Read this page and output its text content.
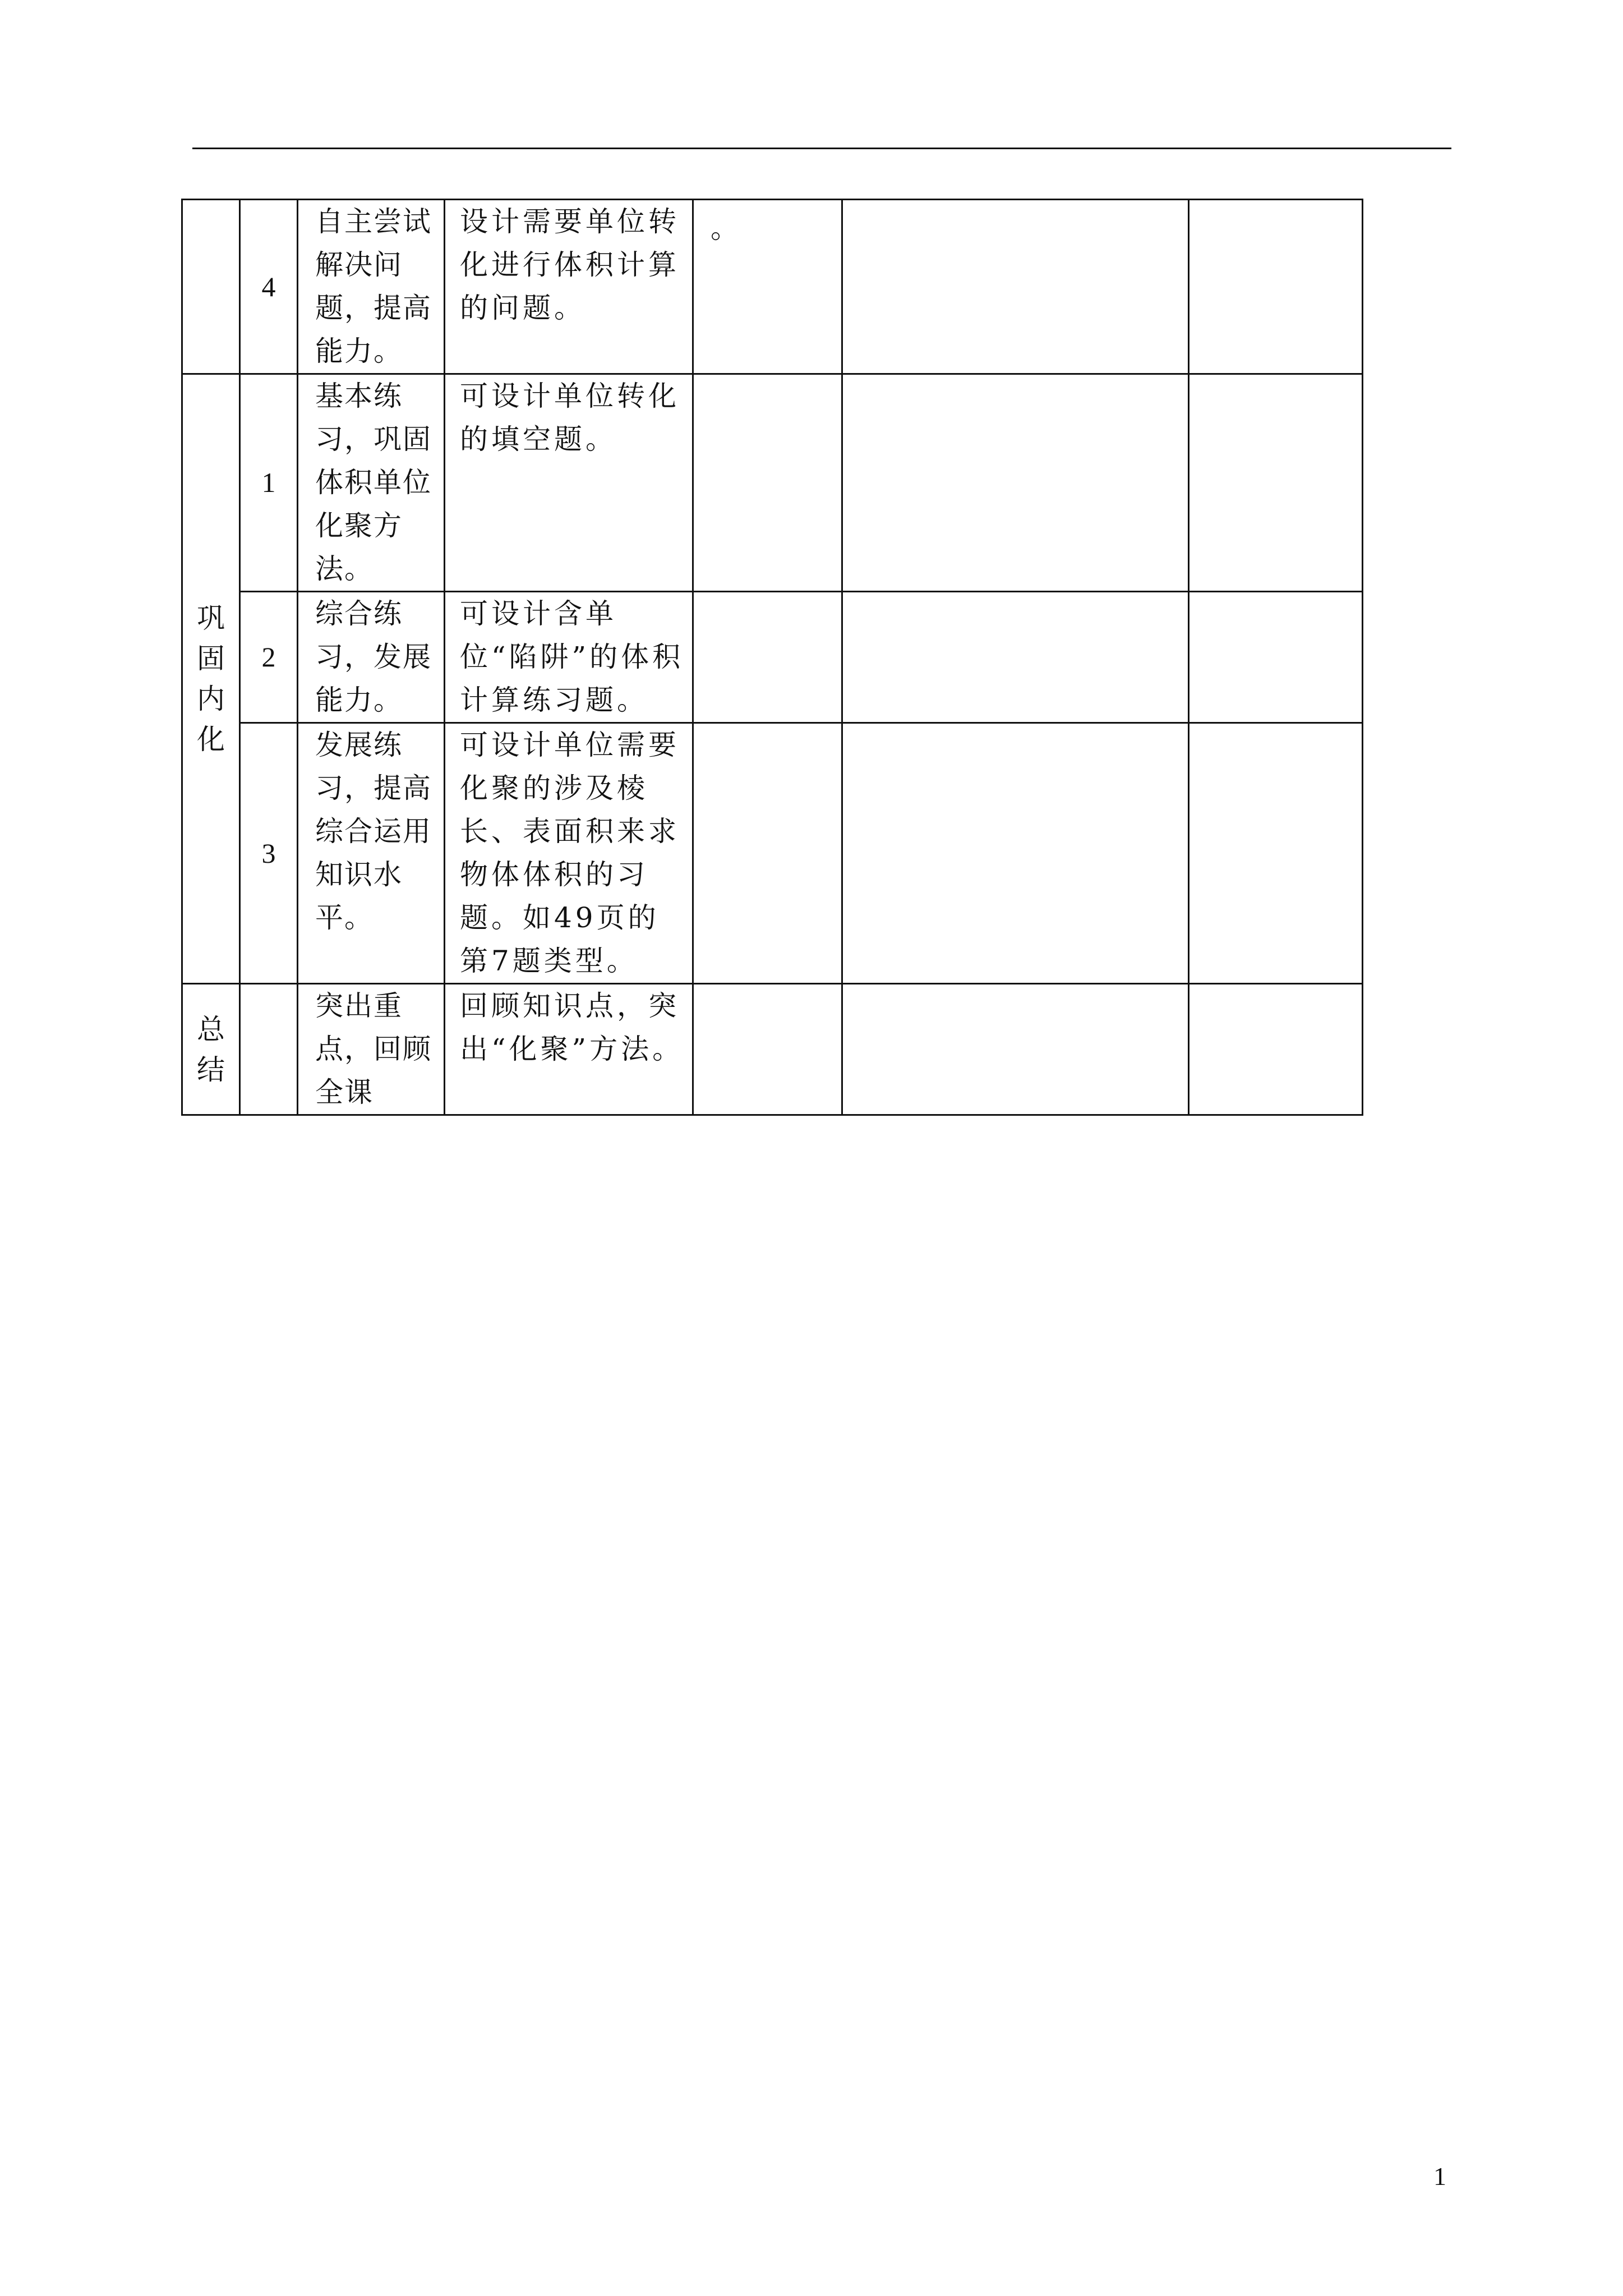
	4	自主尝试解决问题，提高能力。	设计需要单位转化进行体积计算的问题。	。		

巩固内化	1	基本练习，巩固体积单位化聚方法。	可设计单位转化的填空题。			
	2	综合练习，发展能力。	可设计含单位“陷阱”的体积计算练习题。			
	3	发展练习，提高综合运用知识水平。	可设计单位需要化聚的涉及棱长、表面积来求物体体积的习题。如49页的第7题类型。			

总结		突出重点，回顾全课	回顾知识点，突出“化聚”方法。			
1
